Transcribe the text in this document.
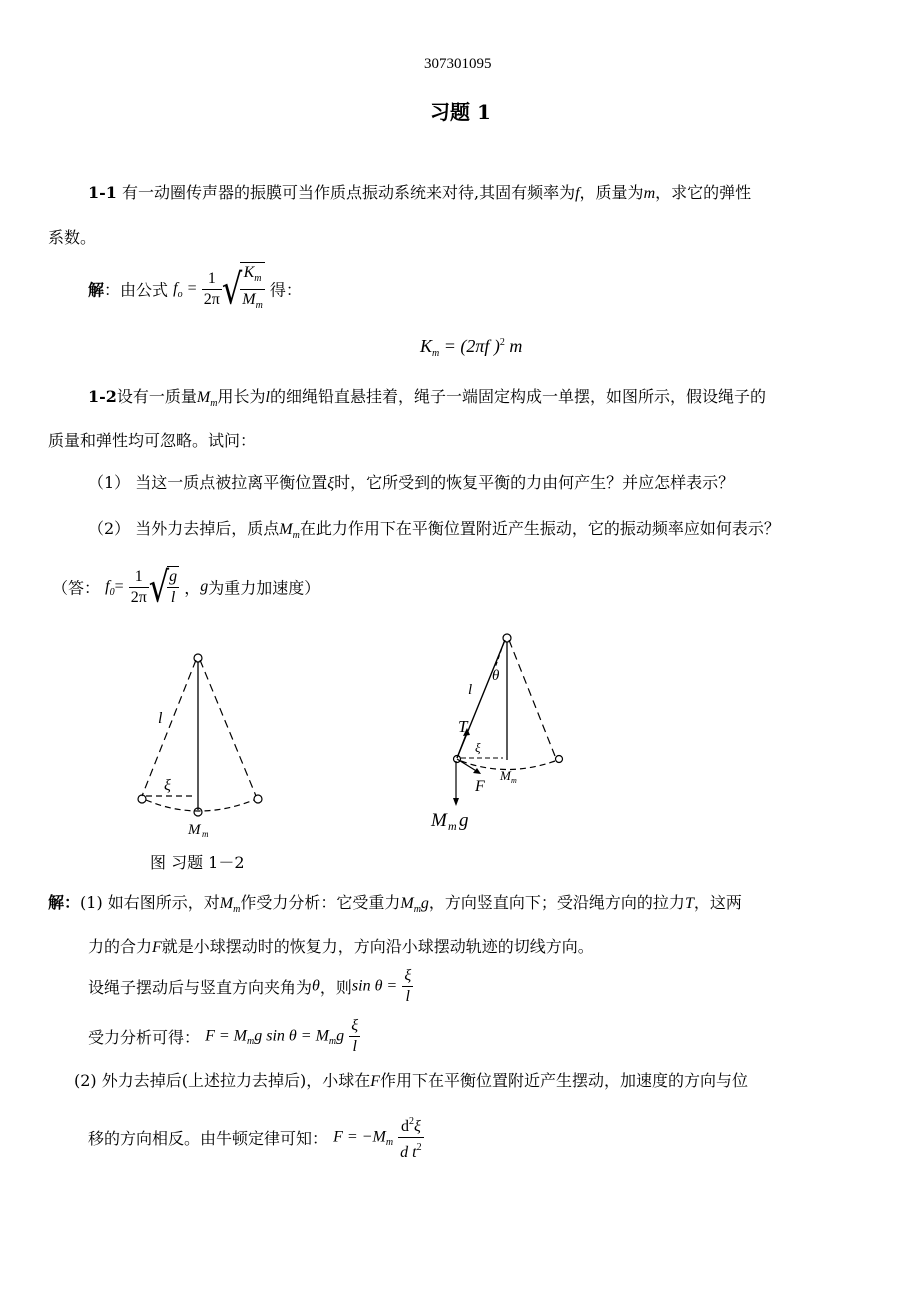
307301095
习题 1
1-1 有一动圈传声器的振膜可当作质点振动系统来对待,其固有频率为f，质量为m，求它的弹性
系数。
解：由公式 $f_o = \frac{1}{2\pi}$ √
$\frac{K_m}{M_m}$ 得：
$K_m = (2\pi f$ )$^2$ m
1-2设有一质量$M_m$用长为l的细绳铅直悬挂着，绳子一端固定构成一单摆，如图所示，假设绳子的
质量和弹性均可忽略。试问：
（1） 当这一质点被拉离平衡位置ξ时，它所受到的恢复平衡的力由何产生？并应怎样表示？
（2） 当外力去掉后，质点$M_m$在此力作用下在平衡位置附近产生振动，它的振动频率应如何表示？
（答： $f_0= \frac{1}{2\pi}$ √
$\frac{g}{l}$ ，g为重力加速度）
l
ξ
M m
θ
l
T
ξ
M m
F
M m g
图 习题 1－2
解：(1) 如右图所示，对$M_m$作受力分析：它受重力$M_mg$，方向竖直向下；受沿绳方向的拉力T，这两
力的合力F就是小球摆动时的恢复力，方向沿小球摆动轨迹的切线方向。
设绳子摆动后与竖直方向夹角为θ，则$\sin \theta = \frac{\xi}{l}$
受力分析可得： $F = M_mg$ $\sin \theta = M_mg \frac{\xi}{l}$
(2) 外力去掉后(上述拉力去掉后)，小球在F作用下在平衡位置附近产生摆动，加速度的方向与位
移的方向相反。由牛顿定律可知： $F = -M_m \frac{d^2\xi}{d t^2}$
